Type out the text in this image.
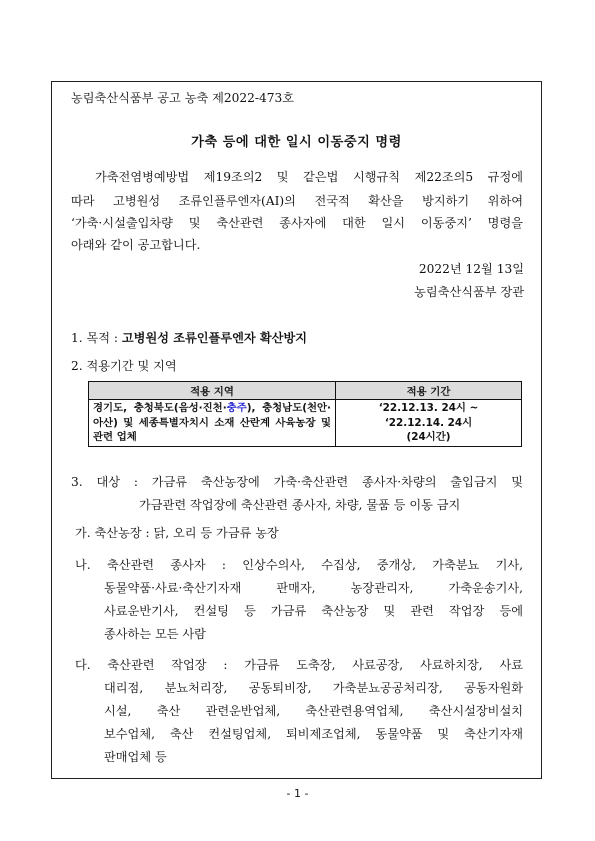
농림축산식품부 공고 농축 제2022-473호
가축 등에 대한 일시 이동중지 명령
가축전염병예방법 제19조의2 및 같은법 시행규칙 제22조의5 규정에
따라 고병원성 조류인플루엔자(AI)의 전국적 확산을 방지하기 위하여
‘가축·시설출입차량 및 축산관련 종사자에 대한 일시 이동중지’ 명령을
아래와 같이 공고합니다.
2022년 12월 13일
농림축산식품부 장관
1. 목적 : 고병원성 조류인플루엔자 확산방지
2. 적용기간 및 지역
적용 지역	적용 기간
경기도, 충청북도(음성·진천·충주), 충청남도(천안·아산) 및 세종특별자치시 소재 산란계 사육농장 및 관련 업체	‘22.12.13. 24시 ~
‘22.12.14. 24시
(24시간)
3. 대상 : 가금류 축산농장에 가축·축산관련 종사자·차량의 출입금지 및
가금관련 작업장에 축산관련 종사자, 차량, 물품 등 이동 금지
가. 축산농장 : 닭, 오리 등 가금류 농장
나. 축산관련 종사자 : 인상수의사, 수집상, 중개상, 가축분뇨 기사,
동물약품·사료·축산기자재 판매자, 농장관리자, 가축운송기사,
사료운반기사, 컨설팅 등 가금류 축산농장 및 관련 작업장 등에
종사하는 모든 사람
다. 축산관련 작업장 : 가금류 도축장, 사료공장, 사료하치장, 사료
대리점, 분뇨처리장, 공동퇴비장, 가축분뇨공공처리장, 공동자원화
시설, 축산 관련운반업체, 축산관련용역업체, 축산시설장비설치
보수업체, 축산 컨설팅업체, 퇴비제조업체, 동물약품 및 축산기자재
판매업체 등
- 1 -
